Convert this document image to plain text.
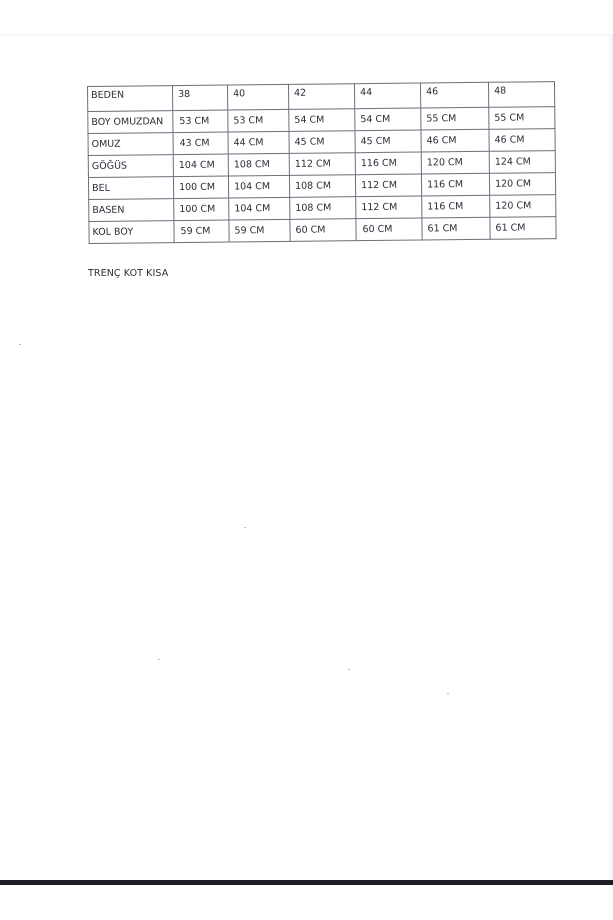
BEDEN	38	40	42	44	46	48
BOY OMUZDAN	53 CM	53 CM	54 CM	54 CM	55 CM	55 CM
OMUZ	43 CM	44 CM	45 CM	45 CM	46 CM	46 CM
GÖĞÜS	104 CM	108 CM	112 CM	116 CM	120 CM	124 CM
BEL	100 CM	104 CM	108 CM	112 CM	116 CM	120 CM
BASEN	100 CM	104 CM	108 CM	112 CM	116 CM	120 CM
KOL BOY	59 CM	59 CM	60 CM	60 CM	61 CM	61 CM
TRENÇ KOT KISA
